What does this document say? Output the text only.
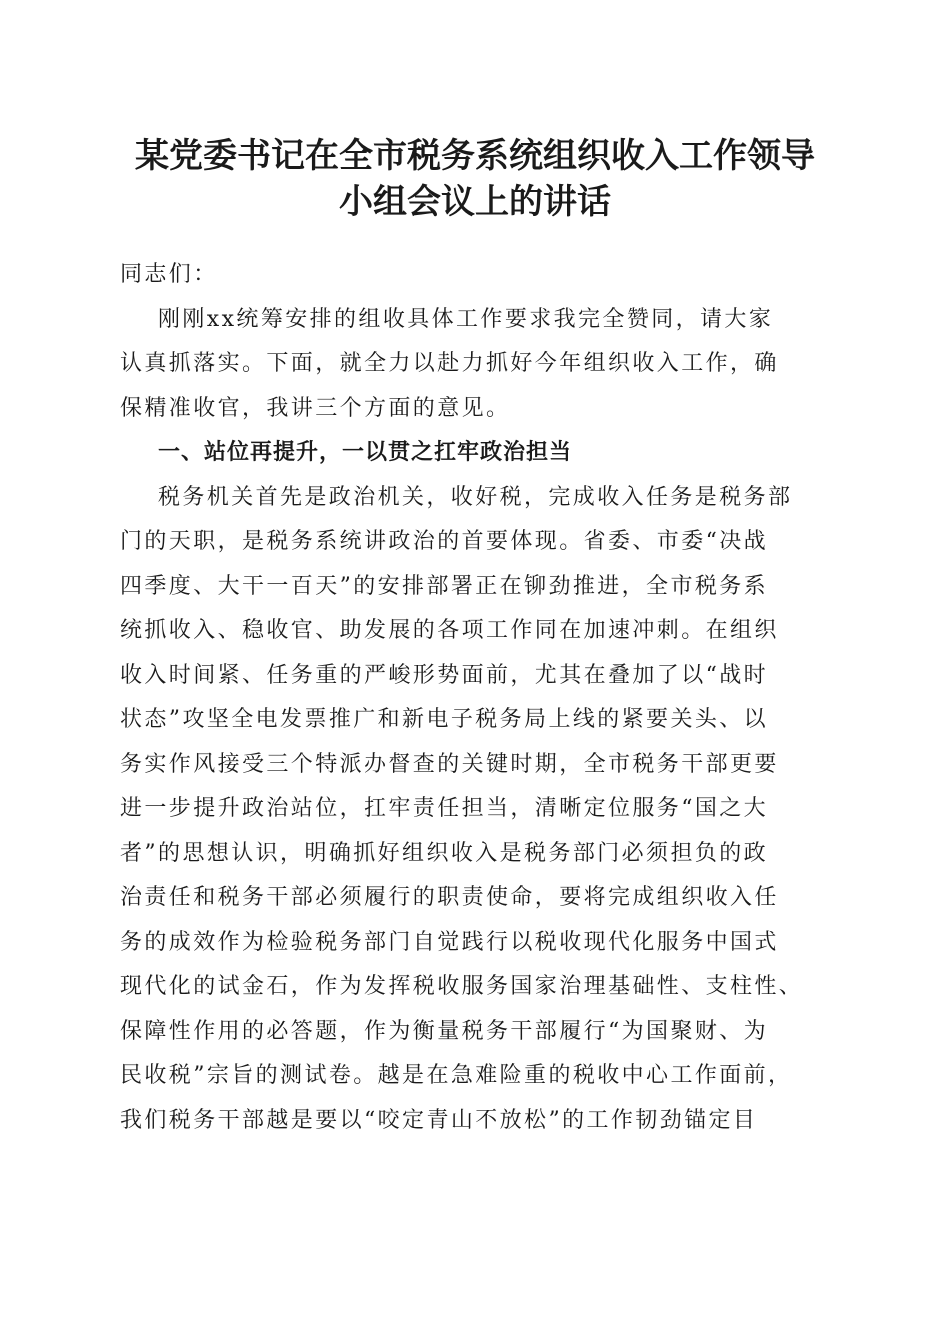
某党委书记在全市税务系统组织收入工作领导
小组会议上的讲话
同志们：
刚刚xx统筹安排的组收具体工作要求我完全赞同，请大家
认真抓落实。下面，就全力以赴力抓好今年组织收入工作，确
保精准收官，我讲三个方面的意见。
一、站位再提升，一以贯之扛牢政治担当
税务机关首先是政治机关，收好税，完成收入任务是税务部
门的天职，是税务系统讲政治的首要体现。省委、市委“决战
四季度、大干一百天”的安排部署正在铆劲推进，全市税务系
统抓收入、稳收官、助发展的各项工作同在加速冲刺。在组织
收入时间紧、任务重的严峻形势面前，尤其在叠加了以“战时
状态”攻坚全电发票推广和新电子税务局上线的紧要关头、以
务实作风接受三个特派办督查的关键时期，全市税务干部更要
进一步提升政治站位，扛牢责任担当，清晰定位服务“国之大
者”的思想认识，明确抓好组织收入是税务部门必须担负的政
治责任和税务干部必须履行的职责使命，要将完成组织收入任
务的成效作为检验税务部门自觉践行以税收现代化服务中国式
现代化的试金石，作为发挥税收服务国家治理基础性、支柱性、
保障性作用的必答题，作为衡量税务干部履行“为国聚财、为
民收税”宗旨的测试卷。越是在急难险重的税收中心工作面前，
我们税务干部越是要以“咬定青山不放松”的工作韧劲锚定目
